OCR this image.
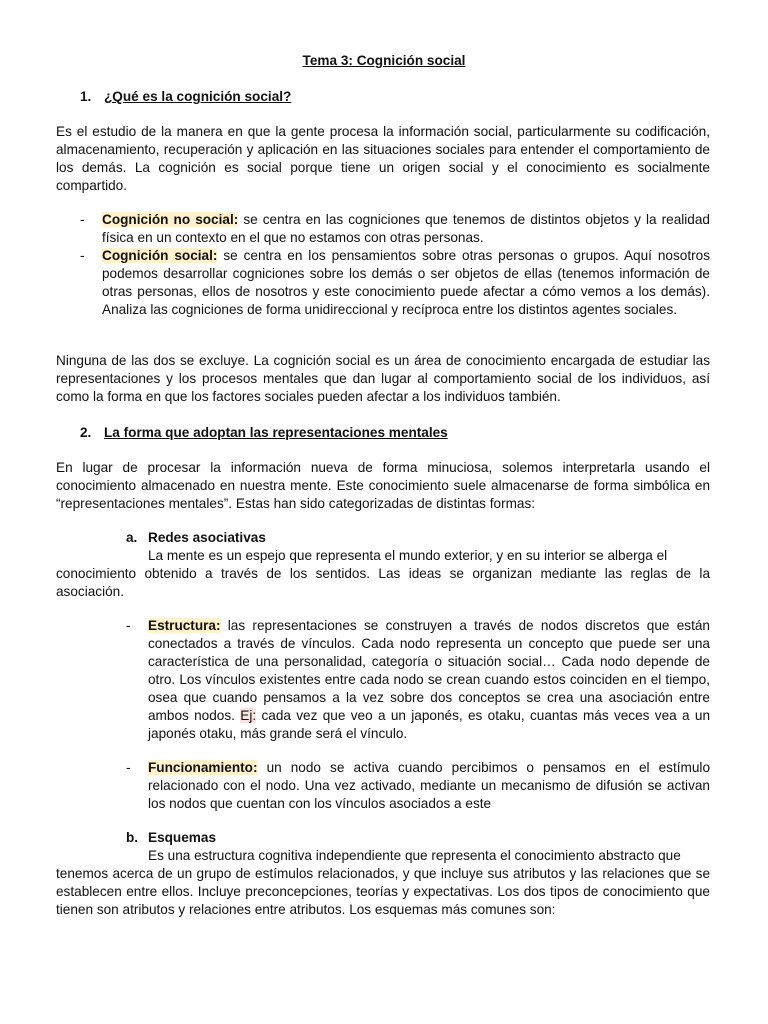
Tema 3: Cognición social

1. ¿Qué es la cognición social?

Es el estudio de la manera en que la gente procesa la información social, particularmente su codificación, almacenamiento, recuperación y aplicación en las situaciones sociales para entender el comportamiento de los demás. La cognición es social porque tiene un origen social y el conocimiento es socialmente compartido.

- Cognición no social: se centra en las cogniciones que tenemos de distintos objetos y la realidad física en un contexto en el que no estamos con otras personas.

- Cognición social: se centra en los pensamientos sobre otras personas o grupos. Aquí nosotros podemos desarrollar cogniciones sobre los demás o ser objetos de ellas (tenemos información de otras personas, ellos de nosotros y este conocimiento puede afectar a cómo vemos a los demás). Analiza las cogniciones de forma unidireccional y recíproca entre los distintos agentes sociales.

Ninguna de las dos se excluye. La cognición social es un área de conocimiento encargada de estudiar las representaciones y los procesos mentales que dan lugar al comportamiento social de los individuos, así como la forma en que los factores sociales pueden afectar a los individuos también.

2. La forma que adoptan las representaciones mentales

En lugar de procesar la información nueva de forma minuciosa, solemos interpretarla usando el conocimiento almacenado en nuestra mente. Este conocimiento suele almacenarse de forma simbólica en “representaciones mentales”. Estas han sido categorizadas de distintas formas:

a. Redes asociativas

La mente es un espejo que representa el mundo exterior, y en su interior se alberga el

conocimiento obtenido a través de los sentidos. Las ideas se organizan mediante las reglas de la asociación.

- Estructura: las representaciones se construyen a través de nodos discretos que están conectados a través de vínculos. Cada nodo representa un concepto que puede ser una característica de una personalidad, categoría o situación social… Cada nodo depende de otro. Los vínculos existentes entre cada nodo se crean cuando estos coinciden en el tiempo, osea que cuando pensamos a la vez sobre dos conceptos se crea una asociación entre ambos nodos. Ej: cada vez que veo a un japonés, es otaku, cuantas más veces vea a un japonés otaku, más grande será el vínculo.

- Funcionamiento: un nodo se activa cuando percibimos o pensamos en el estímulo relacionado con el nodo. Una vez activado, mediante un mecanismo de difusión se activan los nodos que cuentan con los vínculos asociados a este

b. Esquemas

Es una estructura cognitiva independiente que representa el conocimiento abstracto que

tenemos acerca de un grupo de estímulos relacionados, y que incluye sus atributos y las relaciones que se establecen entre ellos. Incluye preconcepciones, teorías y expectativas. Los dos tipos de conocimiento que tienen son atributos y relaciones entre atributos. Los esquemas más comunes son:
